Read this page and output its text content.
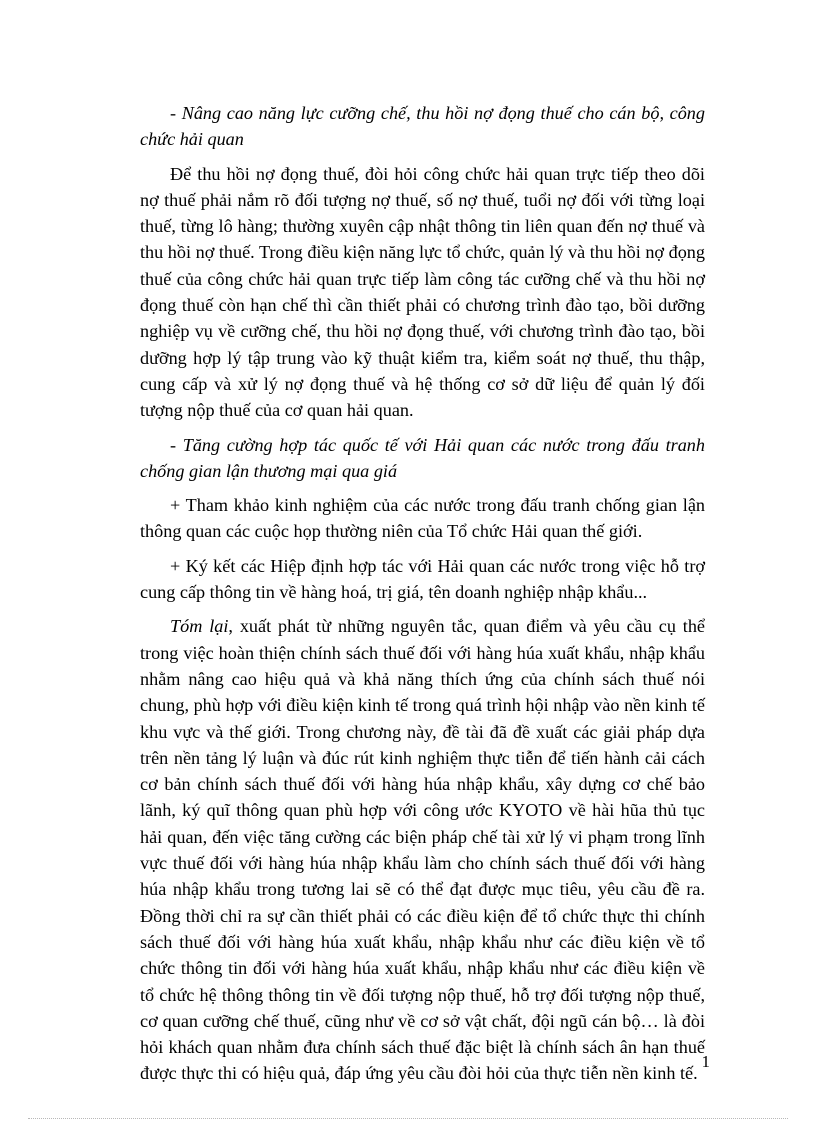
- Nâng cao năng lực cưỡng chế, thu hồi nợ đọng thuế cho cán bộ, công chức hải quan

Để thu hồi nợ đọng thuế, đòi hỏi công chức hải quan trực tiếp theo dõi nợ thuế phải nắm rõ đối tượng nợ thuế, số nợ thuế, tuổi nợ đối với từng loại thuế, từng lô hàng; thường xuyên cập nhật thông tin liên quan đến nợ thuế và thu hồi nợ thuế. Trong điều kiện năng lực tổ chức, quản lý và thu hồi nợ đọng thuế của công chức hải quan trực tiếp làm công tác cưỡng chế và thu hồi nợ đọng thuế còn hạn chế thì cần thiết phải có chương trình đào tạo, bồi dưỡng nghiệp vụ về cưỡng chế, thu hồi nợ đọng thuế, với chương trình đào tạo, bồi dưỡng hợp lý tập trung vào kỹ thuật kiểm tra, kiểm soát nợ thuế, thu thập, cung cấp và xử lý nợ đọng thuế và hệ thống cơ sở dữ liệu để quản lý đối tượng nộp thuế của cơ quan hải quan.

- Tăng cường hợp tác quốc tế với Hải quan các nước trong đấu tranh chống gian lận thương mại qua giá

+ Tham khảo kinh nghiệm của các nước trong đấu tranh chống gian lận thông quan các cuộc họp thường niên của Tổ chức Hải quan thế giới.

+ Ký kết các Hiệp định hợp tác với Hải quan các nước trong việc hỗ trợ cung cấp thông tin về hàng hoá, trị giá, tên doanh nghiệp nhập khẩu...

Tóm lại, xuất phát từ những nguyên tắc, quan điểm và yêu cầu cụ thể trong việc hoàn thiện chính sách thuế đối với hàng húa xuất khẩu, nhập khẩu nhằm nâng cao hiệu quả và khả năng thích ứng của chính sách thuế nói chung, phù hợp với điều kiện kinh tế trong quá trình hội nhập vào nền kinh tế khu vực và thế giới. Trong chương này, đề tài đã đề xuất các giải pháp dựa trên nền tảng lý luận và đúc rút kinh nghiệm thực tiễn để tiến hành cải cách cơ bản chính sách thuế đối với hàng húa nhập khẩu, xây dựng cơ chế bảo lãnh, ký quĩ thông quan phù hợp với công ước KYOTO về hài hũa thủ tục hải quan, đến việc tăng cường các biện pháp chế tài xử lý vi phạm trong lĩnh vực thuế đối với hàng húa nhập khẩu làm cho chính sách thuế đối với hàng húa nhập khẩu trong tương lai sẽ có thể đạt được mục tiêu, yêu cầu đề ra. Đồng thời chỉ ra sự cần thiết phải có các điều kiện để tổ chức thực thi chính sách thuế đối với hàng húa xuất khẩu, nhập khẩu như các điều kiện về tổ chức thông tin đối với hàng húa xuất khẩu, nhập khẩu như các điều kiện về tổ chức hệ thông thông tin về đối tượng nộp thuế, hỗ trợ đối tượng nộp thuế, cơ quan cưỡng chế thuế, cũng như về cơ sở vật chất, đội ngũ cán bộ… là đòi hỏi khách quan nhằm đưa chính sách thuế đặc biệt là chính sách ân hạn thuế được thực thi có hiệu quả, đáp ứng yêu cầu đòi hỏi của thực tiễn nền kinh tế.

1
